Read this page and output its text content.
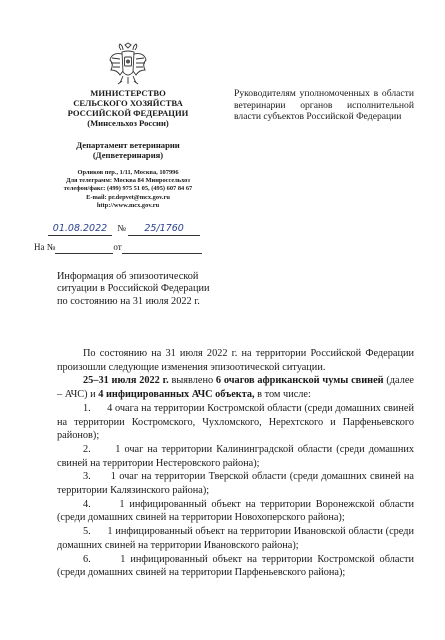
МИНИСТЕРСТВО
СЕЛЬСКОГО ХОЗЯЙСТВА
РОССИЙСКОЙ ФЕДЕРАЦИИ
(Минсельхоз России)
Департамент ветеринарии
(Депветеринария)
Орликов пер., 1/11, Москва, 107996
Для телеграмм: Москва 84 Минроссельхоз
телефон/факс: (499) 975 51 05, (495) 607 84 67
E-mail: pr.depvet@mcx.gov.ru
http://www.mcx.gov.ru
01.08.2022 № 25/1760
На №	от
Руководителям уполномоченных в области ветеринарии органов исполнительной власти субъектов Российской Федерации
Информация об эпизоотической
ситуации в Российской Федерации
по состоянию на 31 июля 2022 г.

По состоянию на 31 июля 2022 г. на территории Российской Федерации произошли следующие изменения эпизоотической ситуации.

25–31 июля 2022 г. выявлено 6 очагов африканской чумы свиней (далее – АЧС) и 4 инфицированных АЧС объекта, в том числе:

1. 4 очага на территории Костромской области (среди домашних свиней на территории Костромского, Чухломского, Нерехтского и Парфеньевского районов);

2. 1 очаг на территории Калининградской области (среди домашних свиней на территории Нестеровского района);

3. 1 очаг на территории Тверской области (среди домашних свиней на территории Калязинского района);

4.	1 инфицированный объект на территории Воронежской области (среди домашних свиней на территории Новохоперского района);

5. 1 инфицированный объект на территории Ивановской области (среди домашних свиней на территории Ивановского района);

6.	1 инфицированный объект на территории Костромской области (среди домашних свиней на территории Парфеньевского района);
